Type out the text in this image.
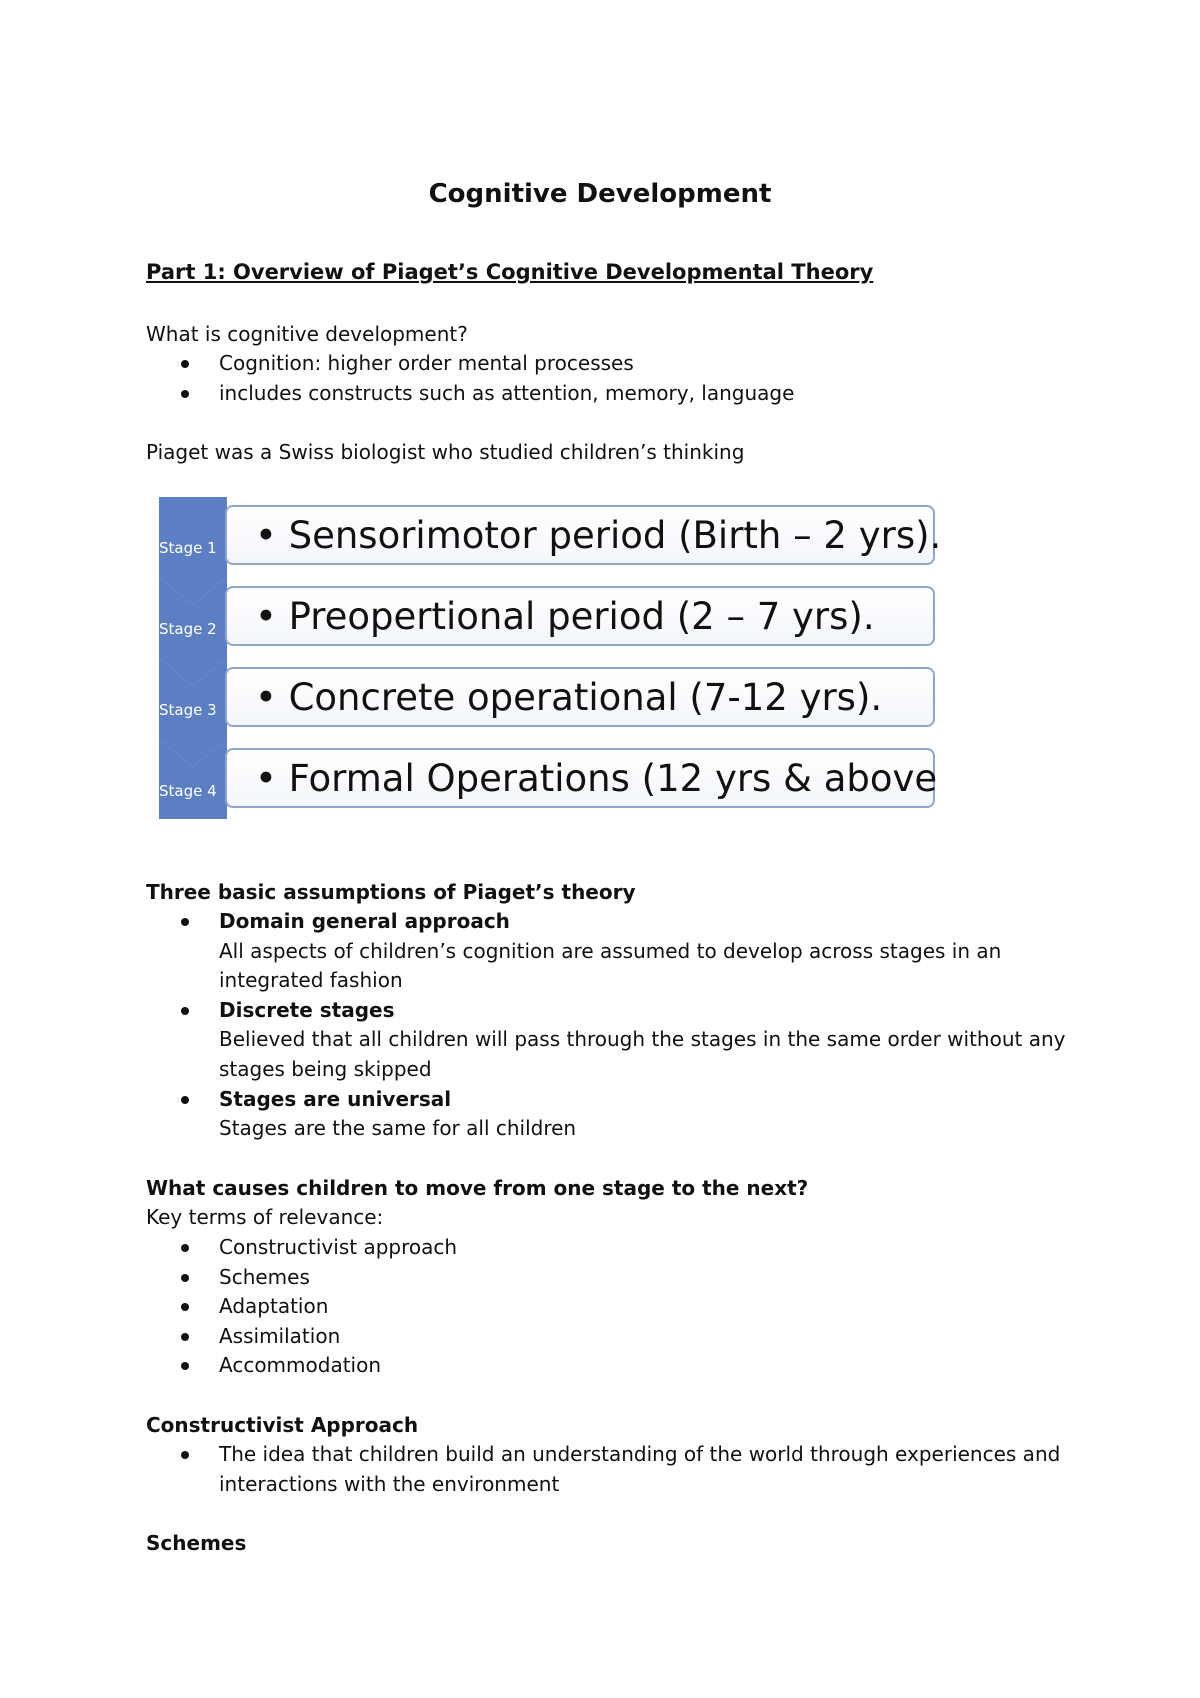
Cognitive Development
Part 1: Overview of Piaget’s Cognitive Developmental Theory
What is cognitive development?
Cognition: higher order mental processes
includes constructs such as attention, memory, language
Piaget was a Swiss biologist who studied children’s thinking
Stage 1
Stage 2
Stage 3
Stage 4
• Sensorimotor period (Birth – 2 yrs).
• Preopertional period (2 – 7 yrs).
• Concrete operational (7-12 yrs).
• Formal Operations (12 yrs & above
Three basic assumptions of Piaget’s theory
Domain general approach
All aspects of children’s cognition are assumed to develop across stages in an
integrated fashion
Discrete stages
Believed that all children will pass through the stages in the same order without any
stages being skipped
Stages are universal
Stages are the same for all children
What causes children to move from one stage to the next?
Key terms of relevance:
Constructivist approach
Schemes
Adaptation
Assimilation
Accommodation
Constructivist Approach
The idea that children build an understanding of the world through experiences and
interactions with the environment
Schemes
